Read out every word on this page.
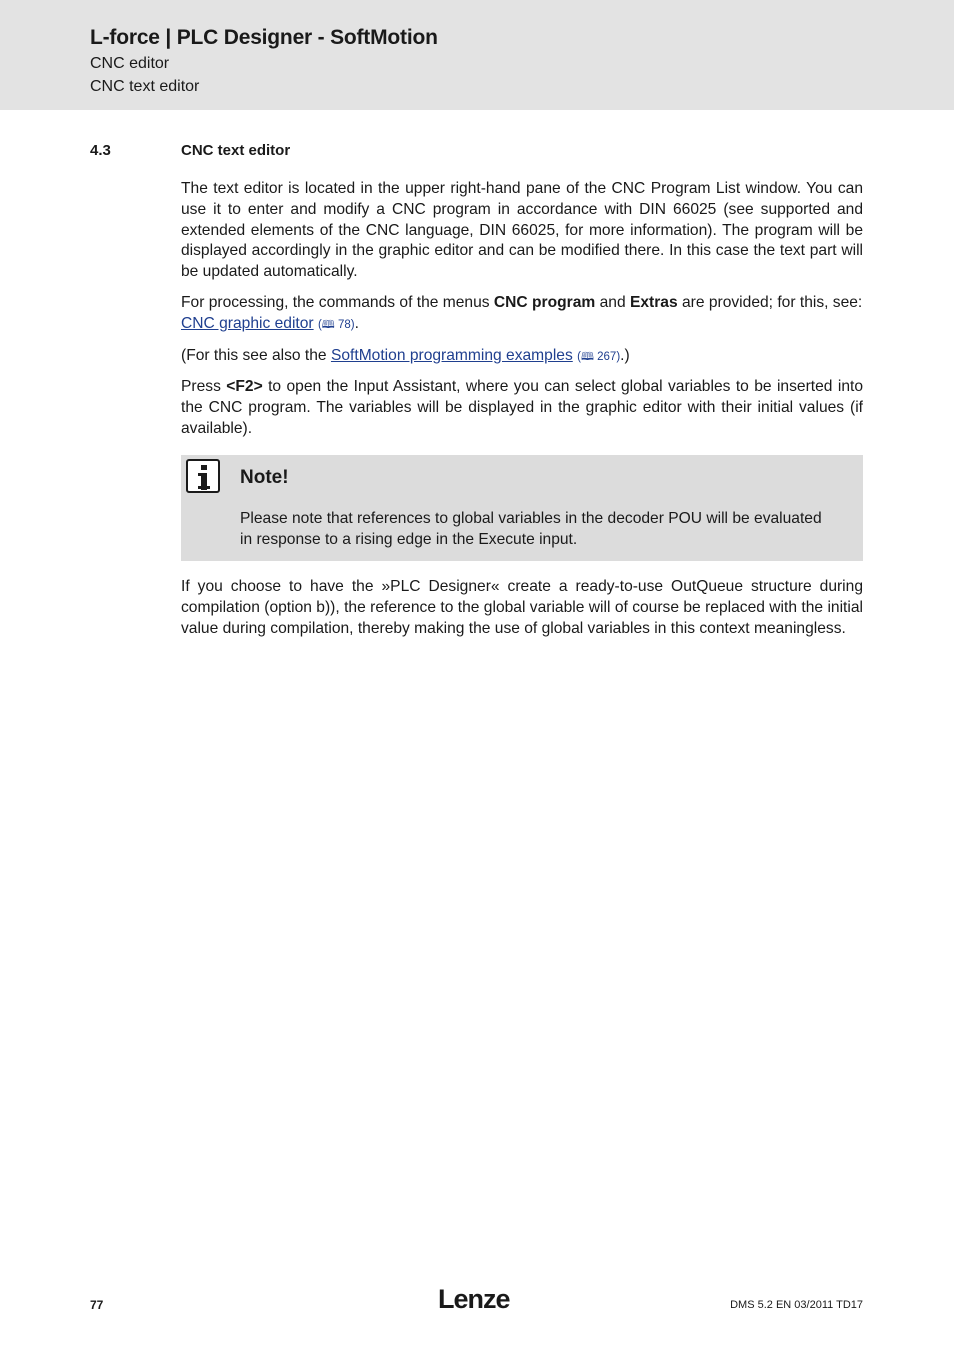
L-force | PLC Designer - SoftMotion
CNC editor
CNC text editor
4.3	CNC text editor

The text editor is located in the upper right-hand pane of the CNC Program List window. You can use it to enter and modify a CNC program in accordance with DIN 66025 (see supported and extended elements of the CNC language, DIN 66025, for more information). The program will be displayed accordingly in the graphic editor and can be modified there. In this case the text part will be updated automatically.

For processing, the commands of the menus CNC program and Extras are provided; for this, see: CNC graphic editor (🕮 78).

(For this see also the SoftMotion programming examples (🕮 267).)

Press <F2> to open the Input Assistant, where you can select global variables to be inserted into the CNC program. The variables will be displayed in the graphic editor with their initial values (if available).

Note!
Please note that references to global variables in the decoder POU will be evaluated in response to a rising edge in the Execute input.

If you choose to have the »PLC Designer« create a ready-to-use OutQueue structure during compilation (option b)), the reference to the global variable will of course be replaced with the initial value during compilation, thereby making the use of global variables in this context meaningless.

77	Lenze	DMS 5.2 EN 03/2011 TD17
